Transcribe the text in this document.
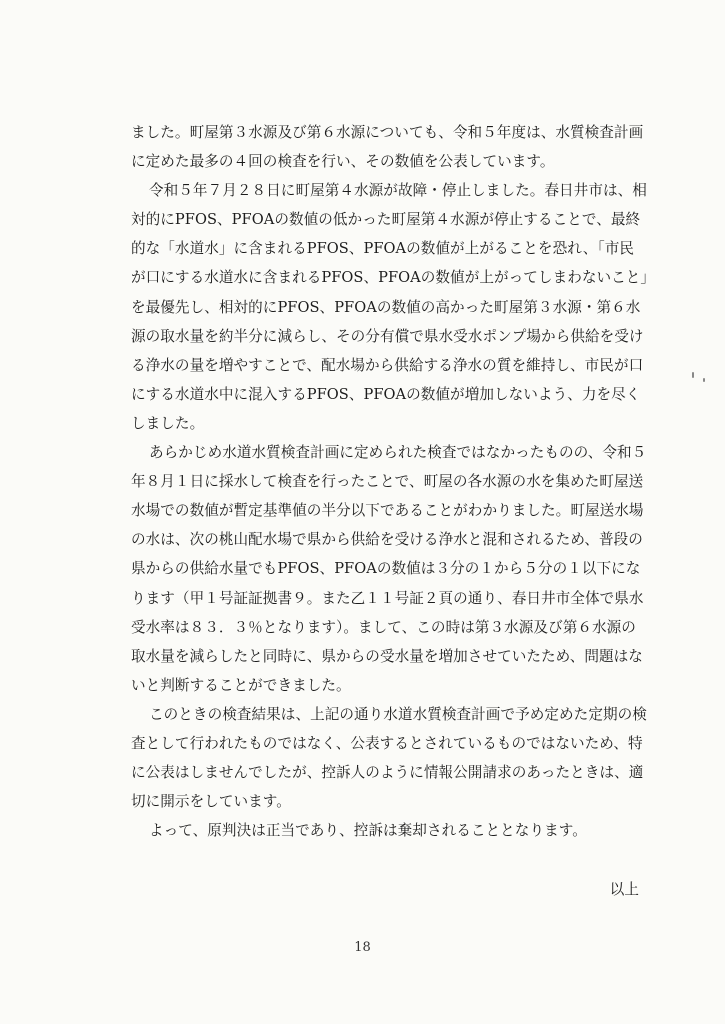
ました。町屋第３水源及び第６水源についても、令和５年度は、水質検査計画
に定めた最多の４回の検査を行い、その数値を公表しています。
令和５年７月２８日に町屋第４水源が故障・停止しました。春日井市は、相
対的にPFOS、PFOAの数値の低かった町屋第４水源が停止することで、最終
的な「水道水」に含まれるPFOS、PFOAの数値が上がることを恐れ、「市民
が口にする水道水に含まれるPFOS、PFOAの数値が上がってしまわないこと」
を最優先し、相対的にPFOS、PFOAの数値の高かった町屋第３水源・第６水
源の取水量を約半分に減らし、その分有償で県水受水ポンプ場から供給を受け
る浄水の量を増やすことで、配水場から供給する浄水の質を維持し、市民が口
にする水道水中に混入するPFOS、PFOAの数値が増加しないよう、力を尽く
しました。
あらかじめ水道水質検査計画に定められた検査ではなかったものの、令和５
年８月１日に採水して検査を行ったことで、町屋の各水源の水を集めた町屋送
水場での数値が暫定基準値の半分以下であることがわかりました。町屋送水場
の水は、次の桃山配水場で県から供給を受ける浄水と混和されるため、普段の
県からの供給水量でもPFOS、PFOAの数値は３分の１から５分の１以下にな
ります（甲１号証証拠書９。また乙１１号証２頁の通り、春日井市全体で県水
受水率は８３．３％となります）。まして、この時は第３水源及び第６水源の
取水量を減らしたと同時に、県からの受水量を増加させていたため、問題はな
いと判断することができました。
このときの検査結果は、上記の通り水道水質検査計画で予め定めた定期の検
査として行われたものではなく、公表するとされているものではないため、特
に公表はしませんでしたが、控訴人のように情報公開請求のあったときは、適
切に開示をしています。
よって、原判決は正当であり、控訴は棄却されることとなります。
以上
18
